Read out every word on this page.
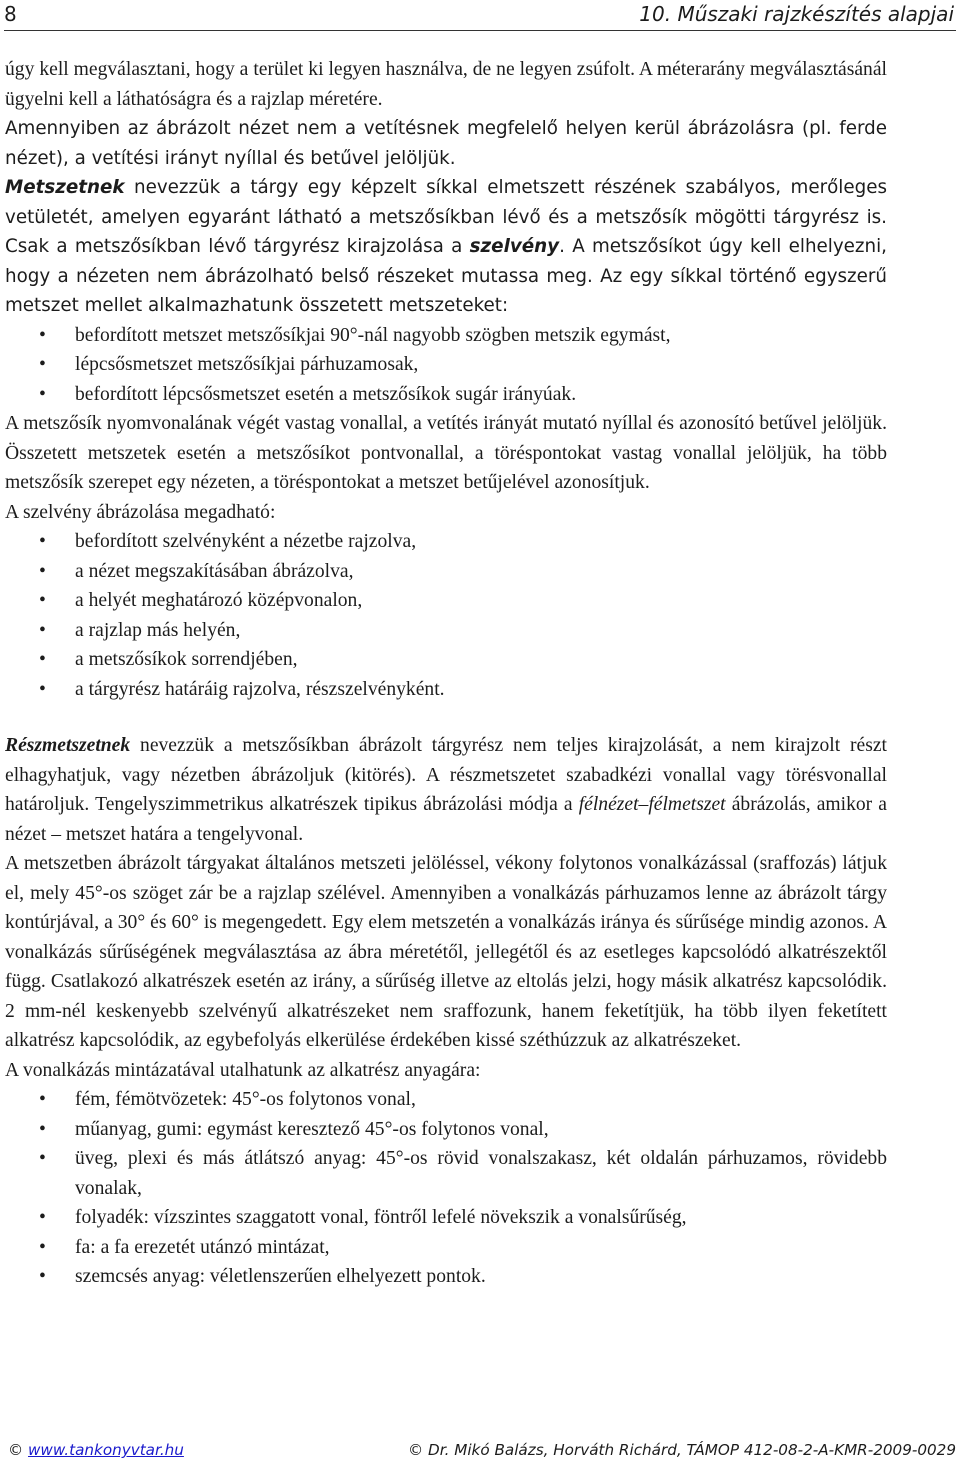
8	10. Műszaki rajzkészítés alapjai

úgy kell megválasztani, hogy a terület ki legyen használva, de ne legyen zsúfolt. A méterarány megválasztásánál ügyelni kell a láthatóságra és a rajzlap méretére.

Amennyiben az ábrázolt nézet nem a vetítésnek megfelelő helyen kerül ábrázolásra (pl. ferde nézet), a vetítési irányt nyíllal és betűvel jelöljük.

Metszetnek nevezzük a tárgy egy képzelt síkkal elmetszett részének szabályos, merőleges vetületét, amelyen egyaránt látható a metszősíkban lévő és a metszősík mögötti tárgyrész is. Csak a metszősíkban lévő tárgyrész kirajzolása a szelvény. A metszősíkot úgy kell elhelyezni, hogy a nézeten nem ábrázolható belső részeket mutassa meg. Az egy síkkal történő egyszerű metszet mellet alkalmazhatunk összetett metszeteket:

• befordított metszet metszősíkjai 90°-nál nagyobb szögben metszik egymást,
• lépcsősmetszet metszősíkjai párhuzamosak,
• befordított lépcsősmetszet esetén a metszősíkok sugár irányúak.

A metszősík nyomvonalának végét vastag vonallal, a vetítés irányát mutató nyíllal és azonosító betűvel jelöljük. Összetett metszetek esetén a metszősíkot pontvonallal, a töréspontokat vastag vonallal jelöljük, ha több metszősík szerepet egy nézeten, a töréspontokat a metszet betűjelével azonosítjuk.

A szelvény ábrázolása megadható:

• befordított szelvényként a nézetbe rajzolva,
• a nézet megszakításában ábrázolva,
• a helyét meghatározó középvonalon,
• a rajzlap más helyén,
• a metszősíkok sorrendjében,
• a tárgyrész határáig rajzolva, részszelvényként.

Részmetszetnek nevezzük a metszősíkban ábrázolt tárgyrész nem teljes kirajzolását, a nem kirajzolt részt elhagyhatjuk, vagy nézetben ábrázoljuk (kitörés). A részmetszetet szabadkézi vonallal vagy törésvonallal határoljuk. Tengelyszimmetrikus alkatrészek tipikus ábrázolási módja a félnézet–félmetszet ábrázolás, amikor a nézet – metszet határa a tengelyvonal.

A metszetben ábrázolt tárgyakat általános metszeti jelöléssel, vékony folytonos vonalkázással (sraffozás) látjuk el, mely 45°-os szöget zár be a rajzlap szélével. Amennyiben a vonalkázás párhuzamos lenne az ábrázolt tárgy kontúrjával, a 30° és 60° is megengedett. Egy elem metszetén a vonalkázás iránya és sűrűsége mindig azonos. A vonalkázás sűrűségének megválasztása az ábra méretétől, jellegétől és az esetleges kapcsolódó alkatrészektől függ. Csatlakozó alkatrészek esetén az irány, a sűrűség illetve az eltolás jelzi, hogy másik alkatrész kapcsolódik. 2 mm-nél keskenyebb szelvényű alkatrészeket nem sraffozunk, hanem feketítjük, ha több ilyen feketített alkatrész kapcsolódik, az egybefolyás elkerülése érdekében kissé széthúzzuk az alkatrészeket.

A vonalkázás mintázatával utalhatunk az alkatrész anyagára:

• fém, fémötvözetek: 45°-os folytonos vonal,
• műanyag, gumi: egymást keresztező 45°-os folytonos vonal,
• üveg, plexi és más átlátszó anyag: 45°-os rövid vonalszakasz, két oldalán párhuzamos, rövidebb vonalak,
• folyadék: vízszintes szaggatott vonal, föntről lefelé növekszik a vonalsűrűség,
• fa: a fa erezetét utánzó mintázat,
• szemcsés anyag: véletlenszerűen elhelyezett pontok.
© www.tankonyvtar.hu	© Dr. Mikó Balázs, Horváth Richárd, TÁMOP 412-08-2-A-KMR-2009-0029
